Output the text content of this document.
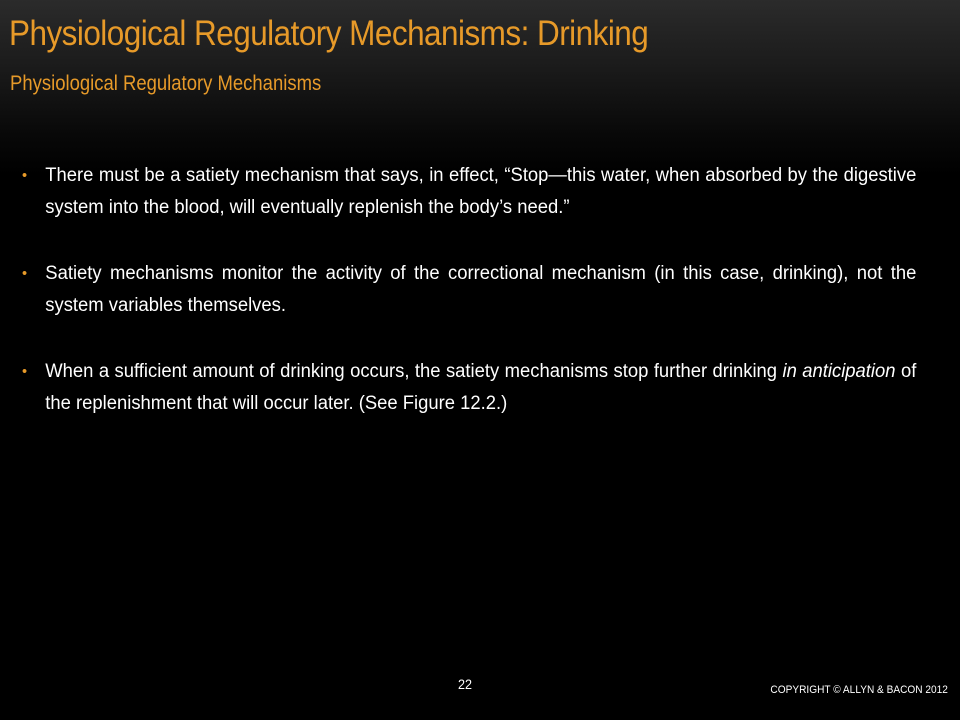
Physiological Regulatory Mechanisms: Drinking
Physiological Regulatory Mechanisms
• There must be a satiety mechanism that says, in effect, “Stop—this water, when absorbed by the digestive system into the blood, will eventually replenish the body’s need.”
• Satiety mechanisms monitor the activity of the correctional mechanism (in this case, drinking), not the system variables themselves.
• When a sufficient amount of drinking occurs, the satiety mechanisms stop further drinking in anticipation of the replenishment that will occur later. (See Figure 12.2.)
22	COPYRIGHT © ALLYN & BACON 2012
